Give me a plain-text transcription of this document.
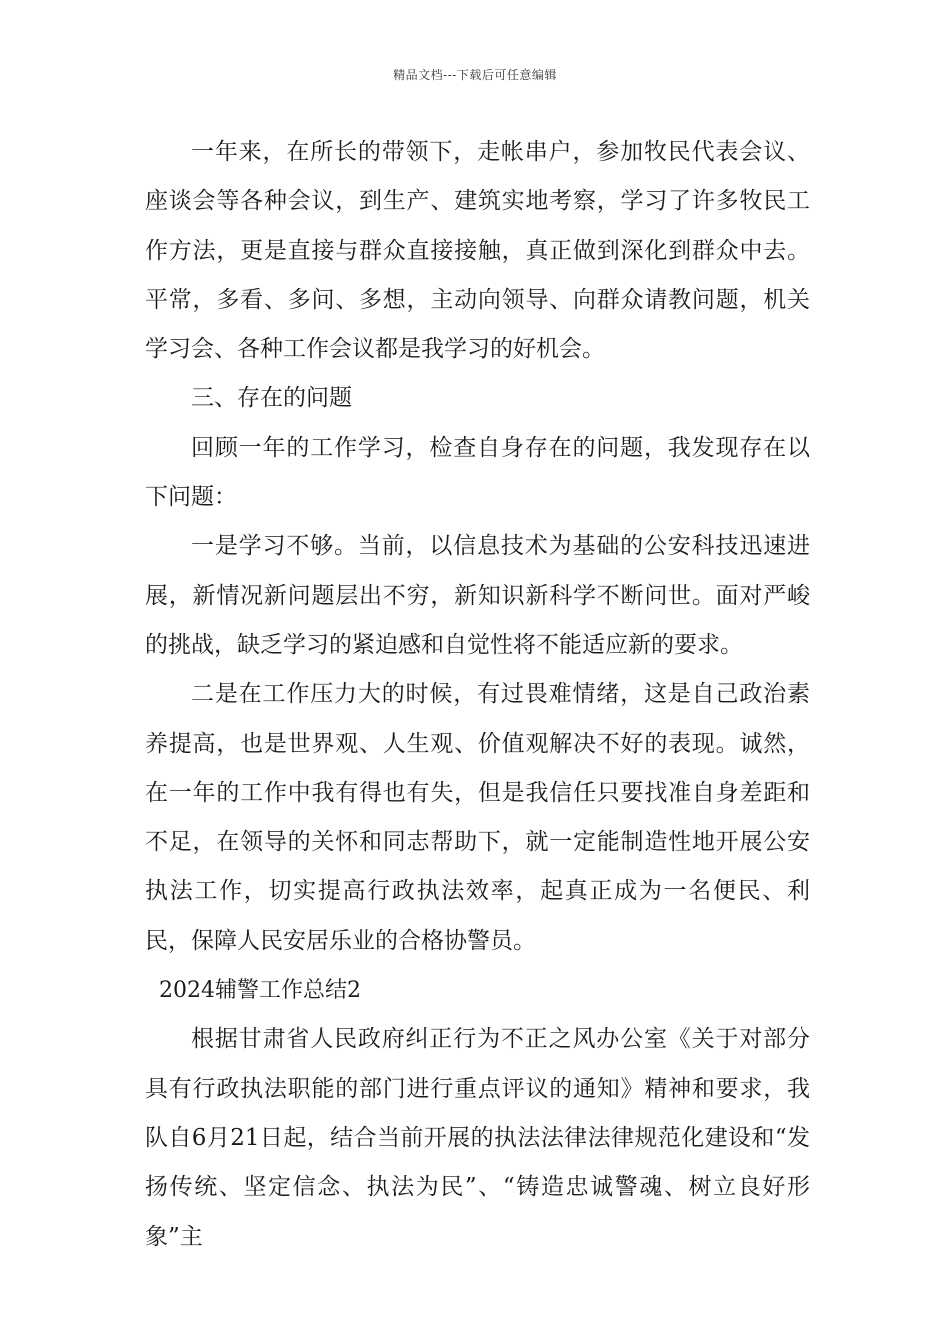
精品文档---下载后可任意编辑

一年来，在所长的带领下，走帐串户，参加牧民代表会议、座谈会等各种会议，到生产、建筑实地考察，学习了许多牧民工作方法，更是直接与群众直接接触，真正做到深化到群众中去。平常，多看、多问、多想，主动向领导、向群众请教问题，机关学习会、各种工作会议都是我学习的好机会。

三、存在的问题

回顾一年的工作学习，检查自身存在的问题，我发现存在以下问题：

一是学习不够。当前，以信息技术为基础的公安科技迅速进展，新情况新问题层出不穷，新知识新科学不断问世。面对严峻的挑战，缺乏学习的紧迫感和自觉性将不能适应新的要求。

二是在工作压力大的时候，有过畏难情绪，这是自己政治素养提高，也是世界观、人生观、价值观解决不好的表现。诚然，在一年的工作中我有得也有失，但是我信任只要找准自身差距和不足，在领导的关怀和同志帮助下，就一定能制造性地开展公安执法工作，切实提高行政执法效率，起真正成为一名便民、利民，保障人民安居乐业的合格协警员。

2024辅警工作总结2

根据甘肃省人民政府纠正行为不正之风办公室《关于对部分具有行政执法职能的部门进行重点评议的通知》精神和要求，我队自6月21日起，结合当前开展的执法法律法律规范化建设和“发扬传统、坚定信念、执法为民”、“铸造忠诚警魂、树立良好形象”主
